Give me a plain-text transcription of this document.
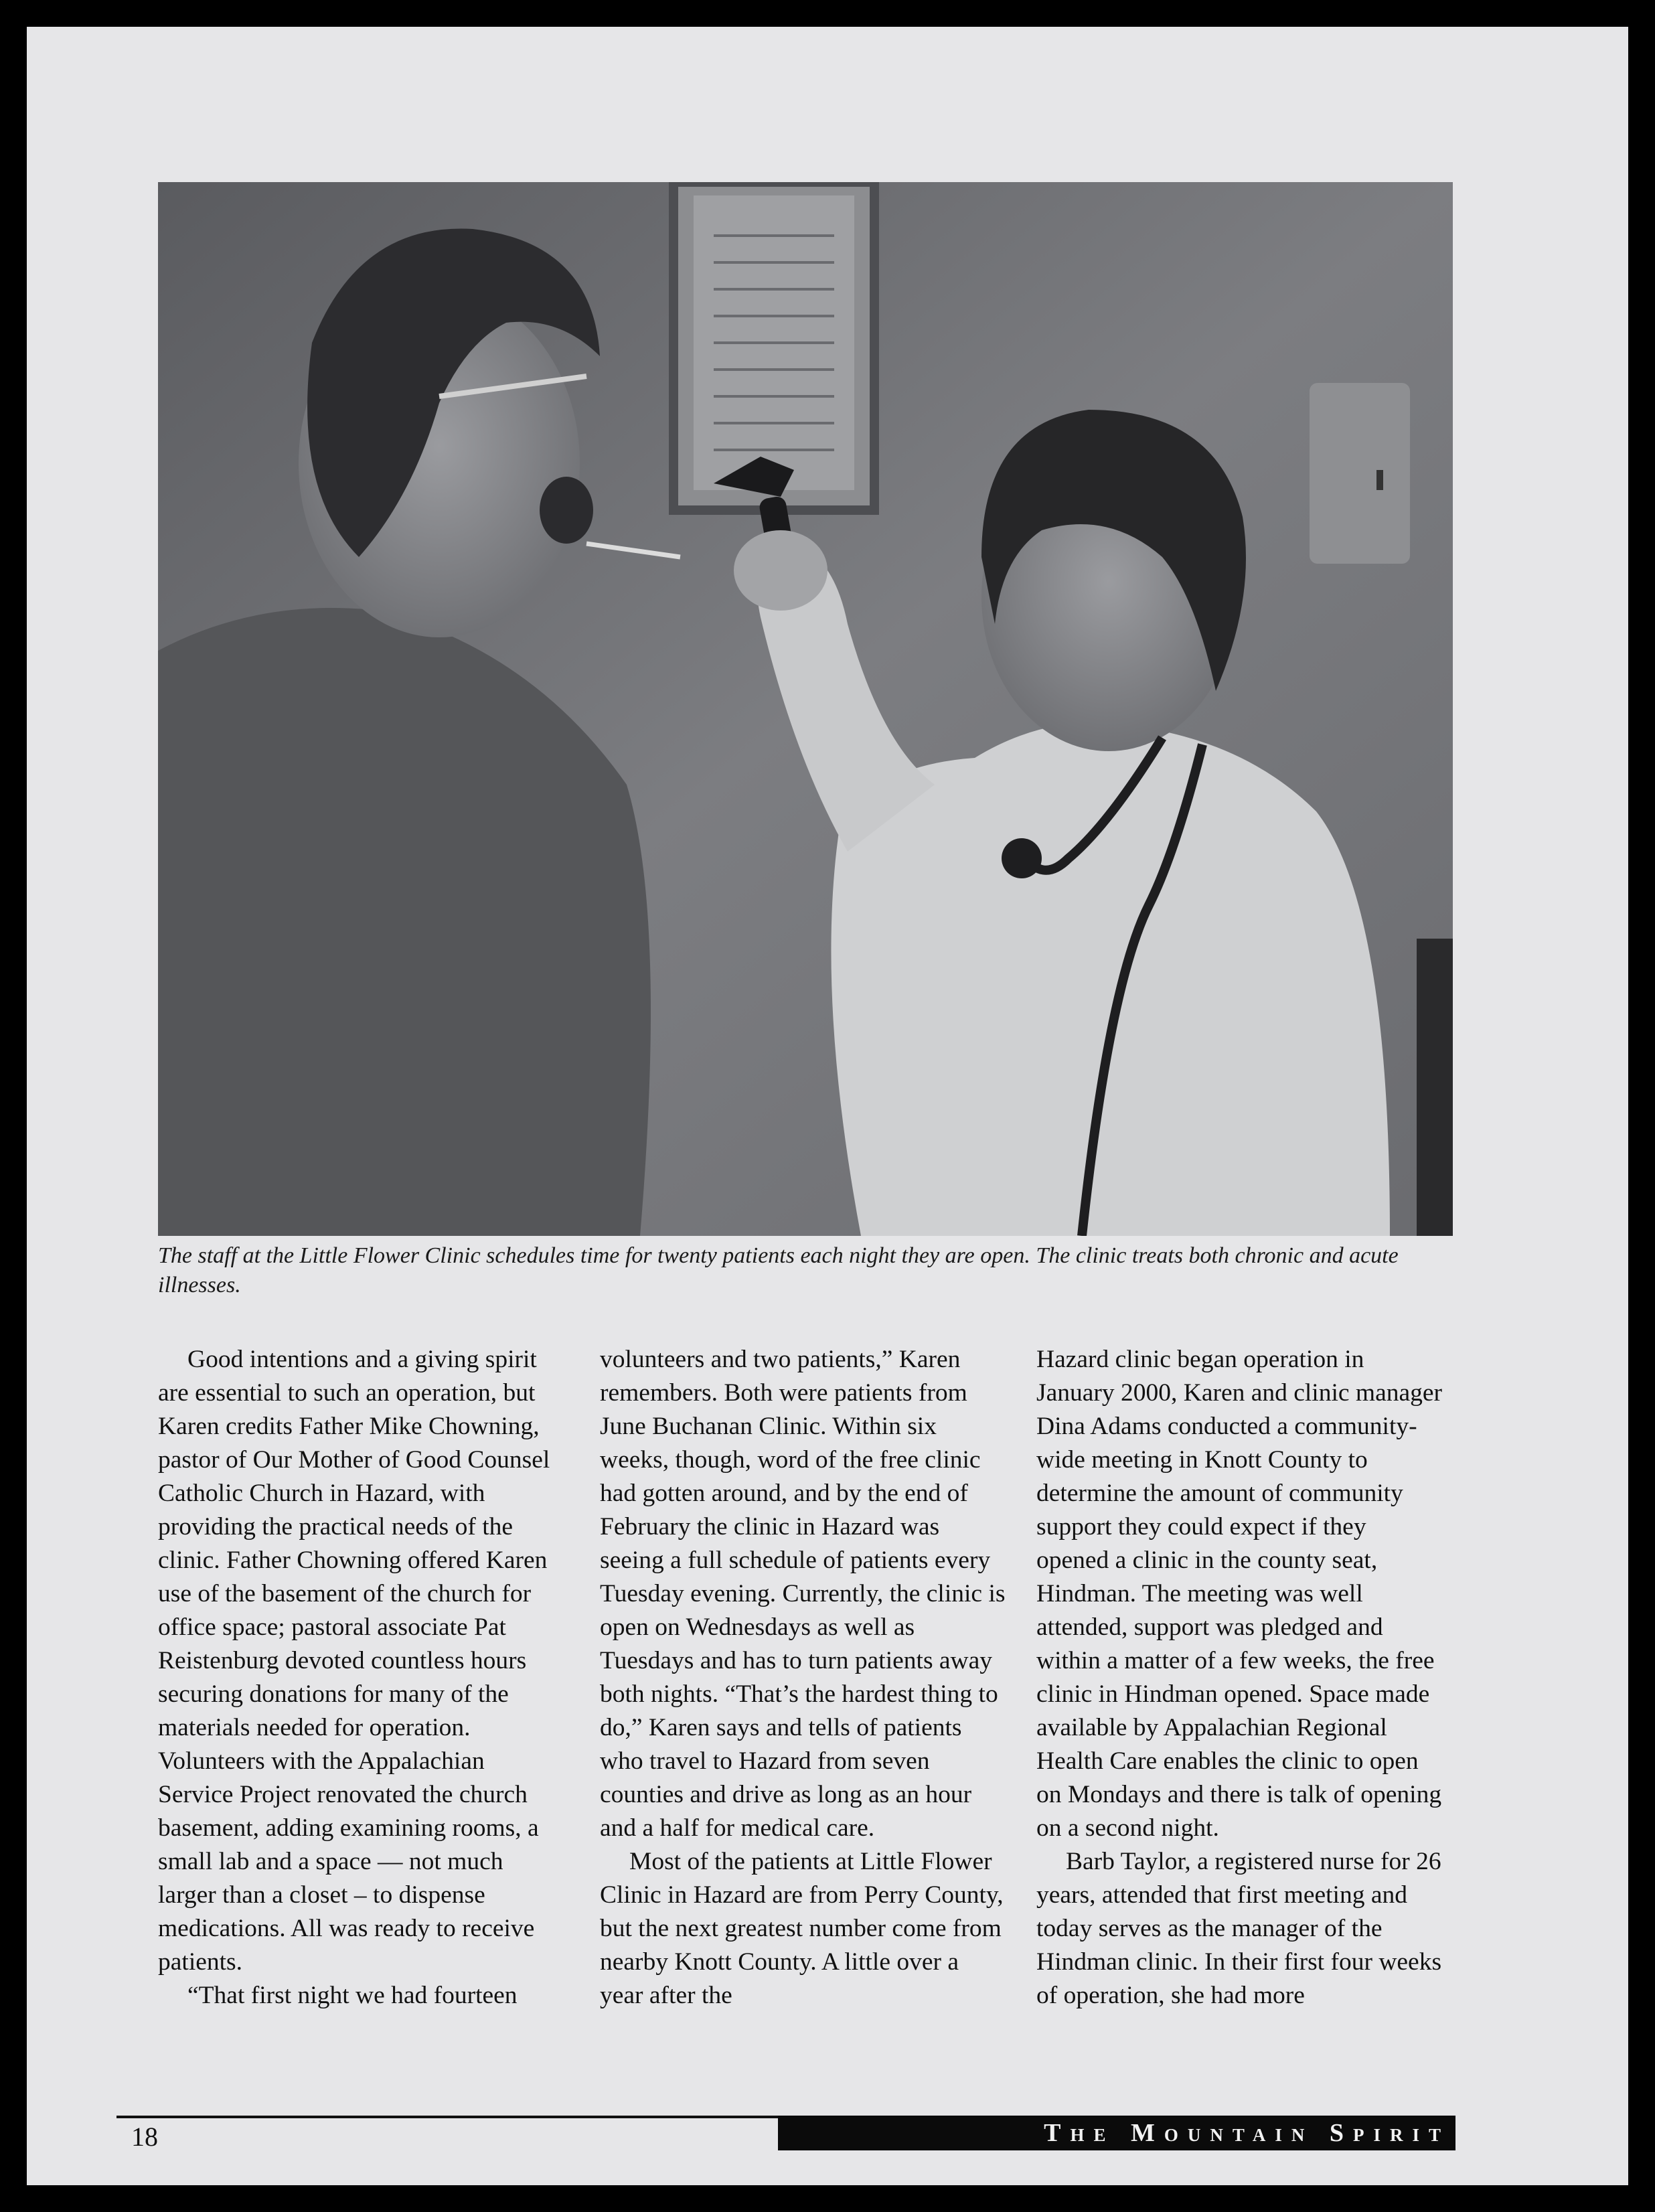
The staff at the Little Flower Clinic schedules time for twenty patients each night they are open. The clinic treats both chronic and acute illnesses.

Good intentions and a giving spirit are essential to such an operation, but Karen credits Father Mike Chowning, pastor of Our Mother of Good Counsel Catholic Church in Hazard, with providing the practical needs of the clinic. Father Chowning offered Karen use of the basement of the church for office space; pastoral associate Pat Reistenburg devoted countless hours securing donations for many of the materials needed for operation. Volunteers with the Appalachian Service Project renovated the church basement, adding examining rooms, a small lab and a space — not much larger than a closet – to dispense medications. All was ready to receive patients.

“That first night we had fourteen

volunteers and two patients,” Karen remembers. Both were patients from June Buchanan Clinic. Within six weeks, though, word of the free clinic had gotten around, and by the end of February the clinic in Hazard was seeing a full schedule of patients every Tuesday evening. Currently, the clinic is open on Wednesdays as well as Tuesdays and has to turn patients away both nights. “That’s the hardest thing to do,” Karen says and tells of patients who travel to Hazard from seven counties and drive as long as an hour and a half for medical care.

Most of the patients at Little Flower Clinic in Hazard are from Perry County, but the next greatest number come from nearby Knott County. A little over a year after the

Hazard clinic began operation in January 2000, Karen and clinic manager Dina Adams conducted a community-wide meeting in Knott County to determine the amount of community support they could expect if they opened a clinic in the county seat, Hindman. The meeting was well attended, support was pledged and within a matter of a few weeks, the free clinic in Hindman opened. Space made available by Appalachian Regional Health Care enables the clinic to open on Mondays and there is talk of opening on a second night.

Barb Taylor, a registered nurse for 26 years, attended that first meeting and today serves as the manager of the Hindman clinic. In their first four weeks of operation, she had more

18	The Mountain Spirit
